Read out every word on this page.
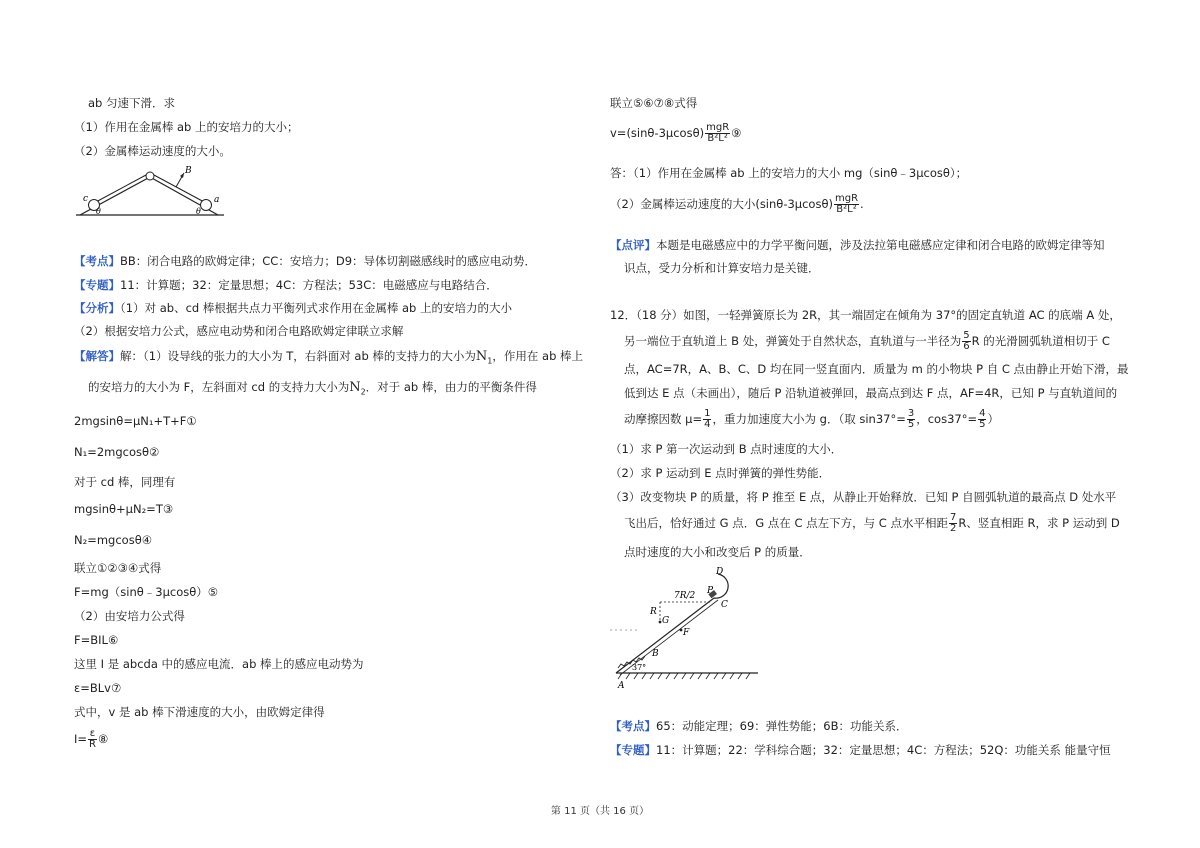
ab 匀速下滑．求
（1）作用在金属棒 ab 上的安培力的大小；
（2）金属棒运动速度的大小。
B
c	a
θ	θ
【考点】BB：闭合电路的欧姆定律；CC：安培力；D9：导体切割磁感线时的感应电动势．
【专题】11：计算题；32：定量思想；4C：方程法；53C：电磁感应与电路结合．
【分析】（1）对 ab、cd 棒根据共点力平衡列式求作用在金属棒 ab 上的安培力的大小
（2）根据安培力公式，感应电动势和闭合电路欧姆定律联立求解
【解答】解：（1）设导线的张力的大小为 T，右斜面对 ab 棒的支持力的大小为$N_1$，作用在 ab 棒上
的安培力的大小为 F，左斜面对 cd 的支持力大小为$N_2$．对于 ab 棒，由力的平衡条件得
2mgsinθ=μN₁+T+F①
N₁=2mgcosθ②
对于 cd 棒，同理有
mgsinθ+μN₂=T③
N₂=mgcosθ④
联立①②③④式得
F=mg（sinθ﹣3μcosθ）⑤
（2）由安培力公式得
F=BIL⑥
这里 I 是 abcda 中的感应电流．ab 棒上的感应电动势为
ε=BLv⑦
式中，v 是 ab 棒下滑速度的大小，由欧姆定律得
$I= \frac{\varepsilon}{R}$ ⑧
联立⑤⑥⑦⑧式得
$v=(\sin\theta-3\mu\cos\theta) \frac{\text{mgR}}{\text{B²L²}}$ ⑨
答：（1）作用在金属棒 ab 上的安培力的大小 mg（sinθ﹣3μcosθ）；
（2）金属棒运动速度的大小$(\sin\theta-3\mu\cos\theta) \frac{\text{mgR}}{\text{B²L²}}$ .
【点评】本题是电磁感应中的力学平衡问题，涉及法拉第电磁感应定律和闭合电路的欧姆定律等知
识点，受力分析和计算安培力是关键．
12．（18 分）如图，一轻弹簧原长为 2R，其一端固定在倾角为 37°的固定直轨道 AC 的底端 A 处，
另一端位于直轨道上 B 处，弹簧处于自然状态，直轨道与一半径为 $\frac{5}{6}$ R 的光滑圆弧轨道相切于 C
点，AC=7R，A、B、C、D 均在同一竖直面内．质量为 m 的小物块 P 自 C 点由静止开始下滑，最
低到达 E 点（未画出），随后 P 沿轨道被弹回，最高点到达 F 点，AF=4R，已知 P 与直轨道间的
动摩擦因数 $\mu= \frac{1}{4}$ ，重力加速度大小为 g．（取 $\sin 37^\circ= \frac{3}{5}$ ，$\cos 37^\circ= \frac{4}{5}$ ）
（1）求 P 第一次运动到 B 点时速度的大小．
（2）求 P 运动到 E 点时弹簧的弹性势能．
（3）改变物块 P 的质量，将 P 推至 E 点，从静止开始释放．已知 P 自圆弧轨道的最高点 D 处水平
飞出后，恰好通过 G 点．G 点在 C 点左下方，与 C 点水平相距 $\frac{7}{2}$ R、竖直相距 R，求 P 运动到 D
点时速度的大小和改变后 P 的质量．
D
P
C
7R/2
R
G
F
B
37°
A
【考点】65：动能定理；69：弹性势能；6B：功能关系．
【专题】11：计算题；22：学科综合题；32：定量思想；4C：方程法；52Q：功能关系 能量守恒
第 11 页（共 16 页）
